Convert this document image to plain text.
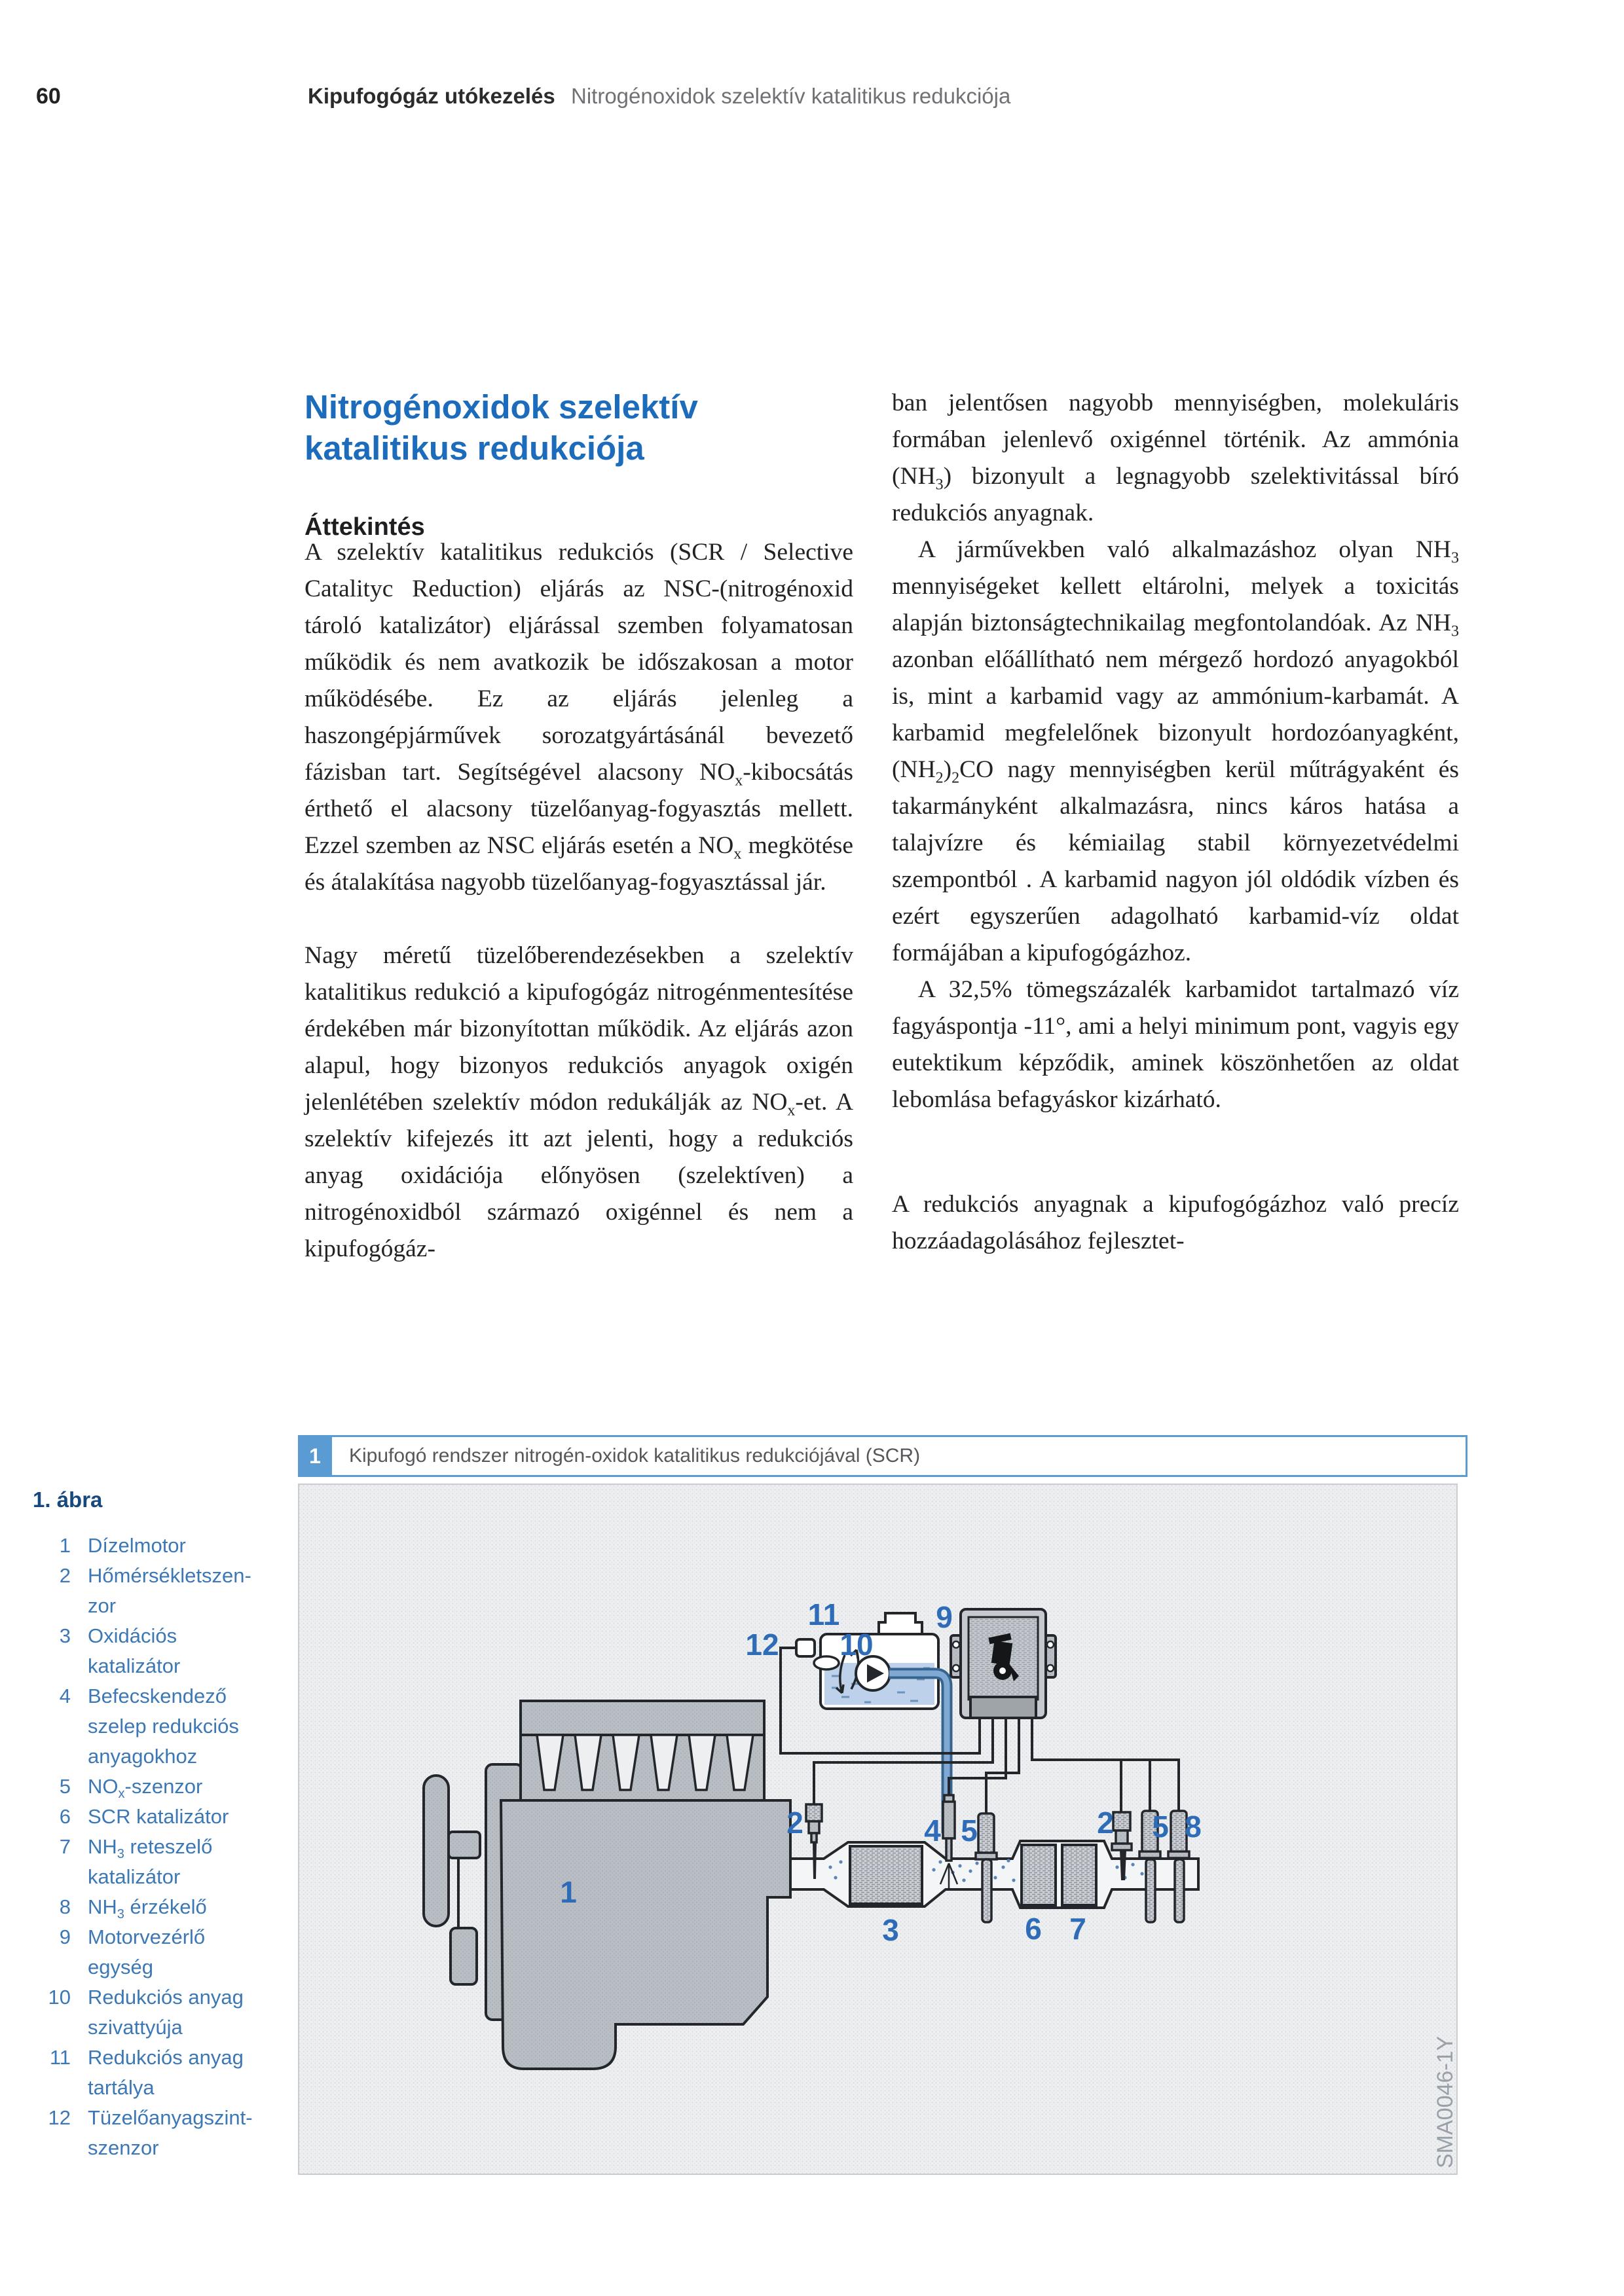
60	Kipufogógáz utókezelés Nitrogénoxidok szelektív katalitikus redukciója
Nitrogénoxidok szelektív katalitikus redukciója
Áttekintés

A szelektív katalitikus redukciós (SCR / Selective Catalityc Reduction) eljárás az NSC-(nitrogénoxid tároló katalizátor) eljárással szemben folyamatosan működik és nem avatkozik be időszakosan a motor működésébe. Ez az eljárás jelenleg a haszongépjárművek sorozatgyártásánál bevezető fázisban tart. Segítségével alacsony $NO_x$-kibocsátás érthető el alacsony tüzelőanyag-fogyasztás mellett. Ezzel szemben az NSC eljárás esetén a $NO_x$ megkötése és átalakítása nagyobb tüzelőanyag-fogyasztással jár.

Nagy méretű tüzelőberendezésekben a szelektív katalitikus redukció a kipufogógáz nitrogénmentesítése érdekében már bizonyítottan működik. Az eljárás azon alapul, hogy bizonyos redukciós anyagok oxigén jelenlétében szelektív módon redukálják az $NO_x-et$. A szelektív kifejezés itt azt jelenti, hogy a redukciós anyag oxidációja előnyösen (szelektíven) a nitrogénoxidból származó oxigénnel és nem a kipufogógáz-

ban jelentősen nagyobb mennyiségben, molekuláris formában jelenlevő oxigénnel történik. Az ammónia $(NH_3)$ bizonyult a legnagyobb szelektivitással bíró redukciós anyagnak.

A járművekben való alkalmazáshoz olyan $NH_3$ mennyiségeket kellett eltárolni, melyek a toxicitás alapján biztonságtechnikailag megfontolandóak. Az $NH_3$ azonban előállítható nem mérgező hordozó anyagokból is, mint a karbamid vagy az ammónium-karbamát. A karbamid megfelelőnek bizonyult hordozóanyagként, $(NH_2)_2CO$ nagy mennyiségben kerül műtrágyaként és takarmányként alkalmazásra, nincs káros hatása a talajvízre és kémiailag stabil környezetvédelmi szempontból . A karbamid nagyon jól oldódik vízben és ezért egyszerűen adagolható karbamid-víz oldat formájában a kipufogógázhoz.

A 32,5% tömegszázalék karbamidot tartalmazó víz fagyáspontja -11°, ami a helyi minimum pont, vagyis egy eutektikum képződik, aminek köszönhetően az oldat lebomlása befagyáskor kizárható.

A redukciós anyagnak a kipufogógázhoz való precíz hozzáadagolásához fejlesztet-

1	Kipufogó rendszer nitrogén-oxidok katalitikus redukciójával (SCR)
1. ábra
1 Dízelmotor
2 Hőmérsékletszen-
zor
3 Oxidációs
katalizátor
4 Befecskendező
szelep redukciós
anyagokhoz
5 $NO_x$-szenzor
6 SCR katalizátor
7 $NH_3$ reteszelő
katalizátor
8 $NH_3$ érzékelő
9 Motorvezérlő
egység
10 Redukciós anyag
szivattyúja
11 Redukciós anyag
tartálya
12 Tüzelőanyagszint-
szenzor
1
2
3
4 5
6 7
2 5 8
9
10
11
12
SMA0046-1Y
